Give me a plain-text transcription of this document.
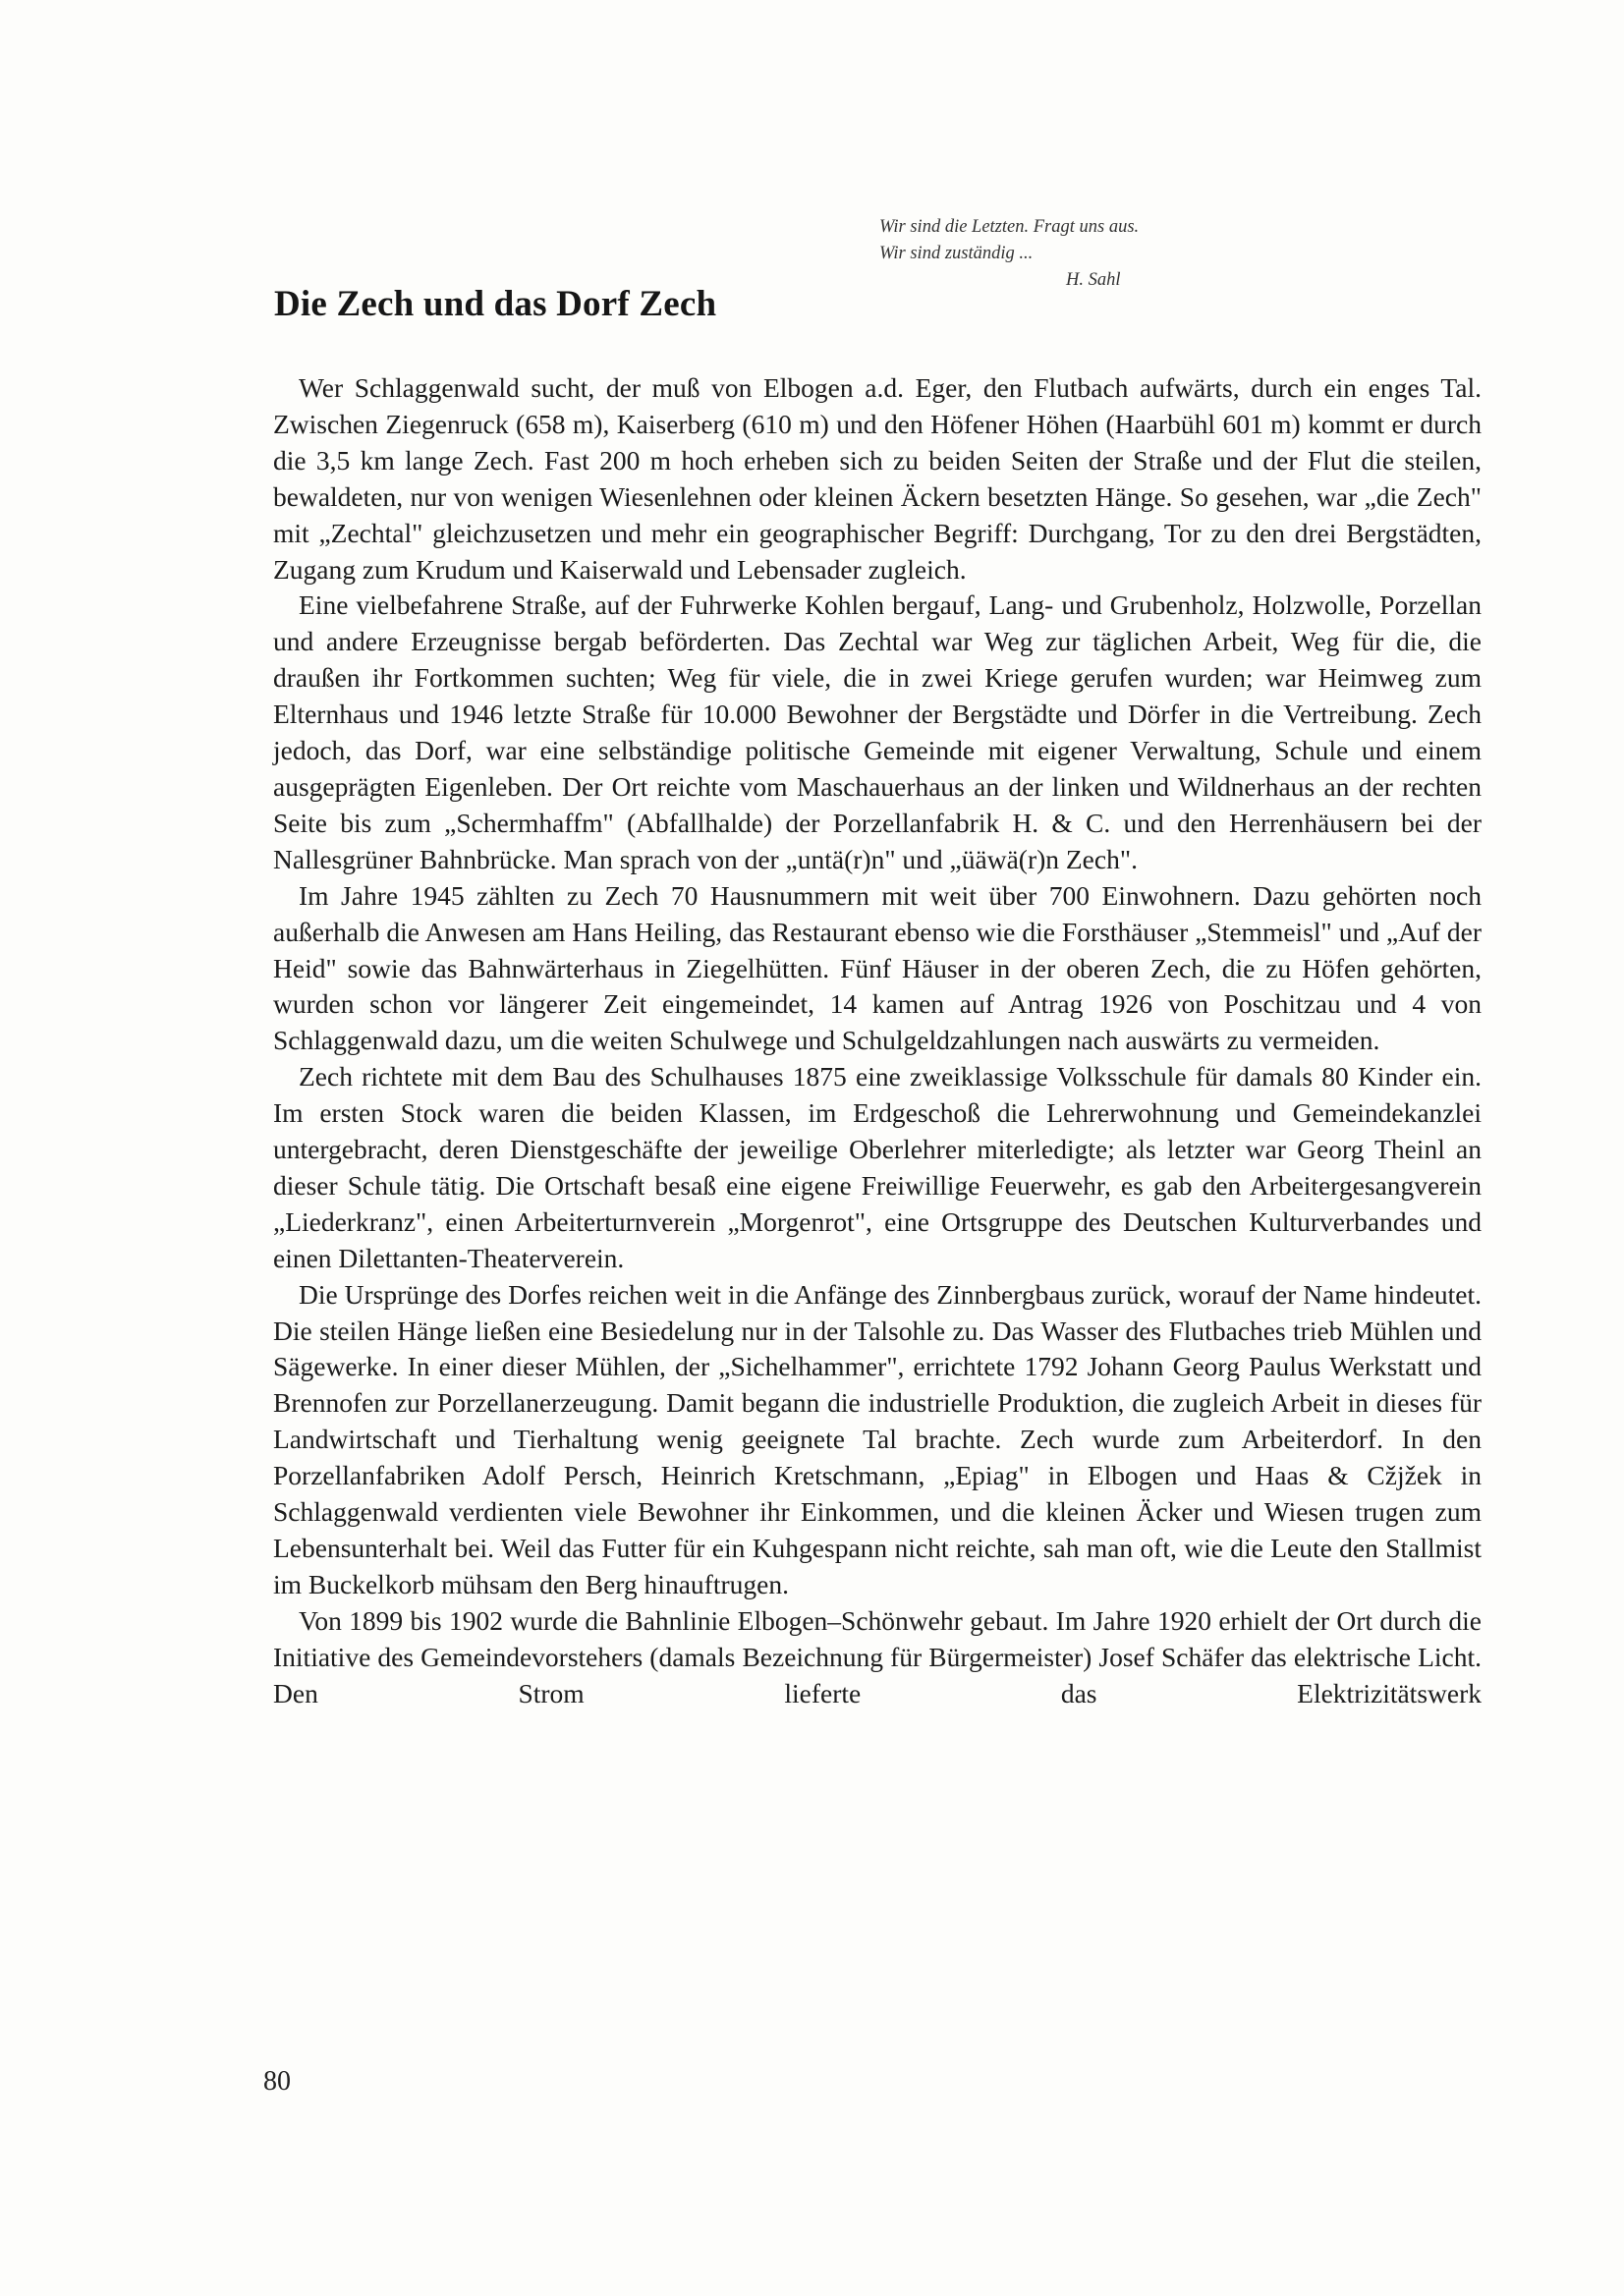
Wir sind die Letzten. Fragt uns aus.
Wir sind zuständig ...
H. Sahl
Die Zech und das Dorf Zech

Wer Schlaggenwald sucht, der muß von Elbogen a.d. Eger, den Flutbach aufwärts, durch ein enges Tal. Zwischen Ziegenruck (658 m), Kaiserberg (610 m) und den Höfener Höhen (Haarbühl 601 m) kommt er durch die 3,5 km lange Zech. Fast 200 m hoch erheben sich zu beiden Seiten der Straße und der Flut die steilen, bewaldeten, nur von wenigen Wiesenlehnen oder kleinen Äckern besetzten Hänge. So gesehen, war „die Zech" mit „Zechtal" gleichzusetzen und mehr ein geographischer Begriff: Durchgang, Tor zu den drei Bergstädten, Zugang zum Krudum und Kaiserwald und Lebensader zugleich.

Eine vielbefahrene Straße, auf der Fuhrwerke Kohlen bergauf, Lang- und Grubenholz, Holzwolle, Porzellan und andere Erzeugnisse bergab beförderten. Das Zechtal war Weg zur täglichen Arbeit, Weg für die, die draußen ihr Fortkommen suchten; Weg für viele, die in zwei Kriege gerufen wurden; war Heimweg zum Elternhaus und 1946 letzte Straße für 10.000 Bewohner der Bergstädte und Dörfer in die Vertreibung. Zech jedoch, das Dorf, war eine selbständige politische Gemeinde mit eigener Verwaltung, Schule und einem ausgeprägten Eigenleben. Der Ort reichte vom Maschauerhaus an der linken und Wildnerhaus an der rechten Seite bis zum „Schermhaffm" (Abfallhalde) der Porzellanfabrik H. & C. und den Herrenhäusern bei der Nallesgrüner Bahnbrücke. Man sprach von der „untä(r)n" und „üäwä(r)n Zech".

Im Jahre 1945 zählten zu Zech 70 Hausnummern mit weit über 700 Einwohnern. Dazu gehörten noch außerhalb die Anwesen am Hans Heiling, das Restaurant ebenso wie die Forsthäuser „Stemmeisl" und „Auf der Heid" sowie das Bahnwärterhaus in Ziegelhütten. Fünf Häuser in der oberen Zech, die zu Höfen gehörten, wurden schon vor längerer Zeit eingemeindet, 14 kamen auf Antrag 1926 von Poschitzau und 4 von Schlaggenwald dazu, um die weiten Schulwege und Schulgeldzahlungen nach auswärts zu vermeiden.

Zech richtete mit dem Bau des Schulhauses 1875 eine zweiklassige Volksschule für damals 80 Kinder ein. Im ersten Stock waren die beiden Klassen, im Erdgeschoß die Lehrerwohnung und Gemeindekanzlei untergebracht, deren Dienstgeschäfte der jeweilige Oberlehrer miterledigte; als letzter war Georg Theinl an dieser Schule tätig. Die Ortschaft besaß eine eigene Freiwillige Feuerwehr, es gab den Arbeitergesangverein „Liederkranz", einen Arbeiterturnverein „Morgenrot", eine Ortsgruppe des Deutschen Kulturverbandes und einen Dilettanten-Theaterverein.

Die Ursprünge des Dorfes reichen weit in die Anfänge des Zinnbergbaus zurück, worauf der Name hindeutet. Die steilen Hänge ließen eine Besiedelung nur in der Talsohle zu. Das Wasser des Flutbaches trieb Mühlen und Sägewerke. In einer dieser Mühlen, der „Sichelhammer", errichtete 1792 Johann Georg Paulus Werkstatt und Brennofen zur Porzellanerzeugung. Damit begann die industrielle Produktion, die zugleich Arbeit in dieses für Landwirtschaft und Tierhaltung wenig geeignete Tal brachte. Zech wurde zum Arbeiterdorf. In den Porzellanfabriken Adolf Persch, Heinrich Kretschmann, „Epiag" in Elbogen und Haas & Cžjžek in Schlaggenwald verdienten viele Bewohner ihr Einkommen, und die kleinen Äcker und Wiesen trugen zum Lebensunterhalt bei. Weil das Futter für ein Kuhgespann nicht reichte, sah man oft, wie die Leute den Stallmist im Buckelkorb mühsam den Berg hinauftrugen.

Von 1899 bis 1902 wurde die Bahnlinie Elbogen–Schönwehr gebaut. Im Jahre 1920 erhielt der Ort durch die Initiative des Gemeindevorstehers (damals Bezeichnung für Bürgermeister) Josef Schäfer das elektrische Licht. Den Strom lieferte das Elektrizitätswerk

80
